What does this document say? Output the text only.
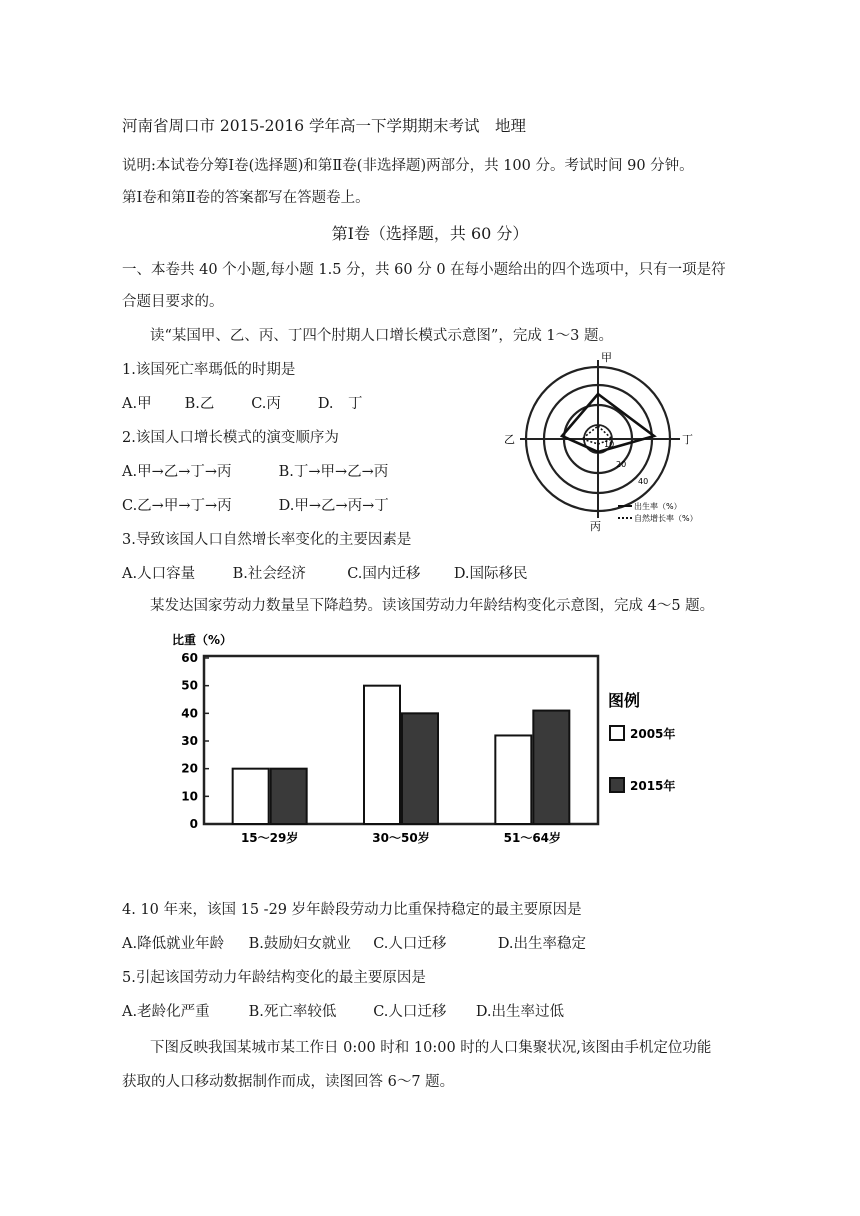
河南省周口市 2015-2016 学年高一下学期期末考试　地理
说明:本试卷分筹Ⅰ卷(选择题)和第Ⅱ卷(非选择题)两部分，共 100 分。考试时间 90 分钟。
第Ⅰ卷和第Ⅱ卷的答案都写在答题卷上。
第Ⅰ卷（选择题，共 60 分）
一、本卷共 40 个小题,每小题 1.5 分，共 60 分 0 在每小题给出的四个选项中，只有一项是符
合题目要求的。
读“某国甲、乙、丙、丁四个肘期人口增长模式示意图”，完成 1～3 题。
1.该国死亡率瑪低的时期是
A.甲 B.乙	C.丙	D.　丁
2.该国人口增长模式的演变顺序为
A.甲→乙→丁→丙	B.丁→甲→乙→丙
C.乙→甲→丁→丙	D.甲→乙→丙→丁
3.导致该国人口自然增长率变化的主要因素是
A.人口容量	B.社会经济	C.国内迁移 D.国际移民
甲
乙
丙
丁
10
20
40
出生率（%）
自然增长率（%）
某发达国家劳动力数量呈下降趋势。读该国劳动力年龄结构变化示意图，完成 4～5 题。
比重（%）
0
10
20
30
40
50
60
15～29岁	30～50岁	51～64岁
图例
2005年
2015年
4. 10 年来，该国 15 -29 岁年龄段劳动力比重保持稳定的最主要原因是
A.降低就业年龄 B.鼓励妇女就业 C.人口迁移	D.出生率稳定
5.引起该国劳动力年龄结构变化的最主要原因是
A.老龄化严重	B.死亡率较低	C.人口迁移 D.出生率过低
下图反映我国某城市某工作日 0:00 时和 10:00 时的人口集聚状况,该图由手机定位功能
获取的人口移动数据制作而成，读图回答 6～7 题。
